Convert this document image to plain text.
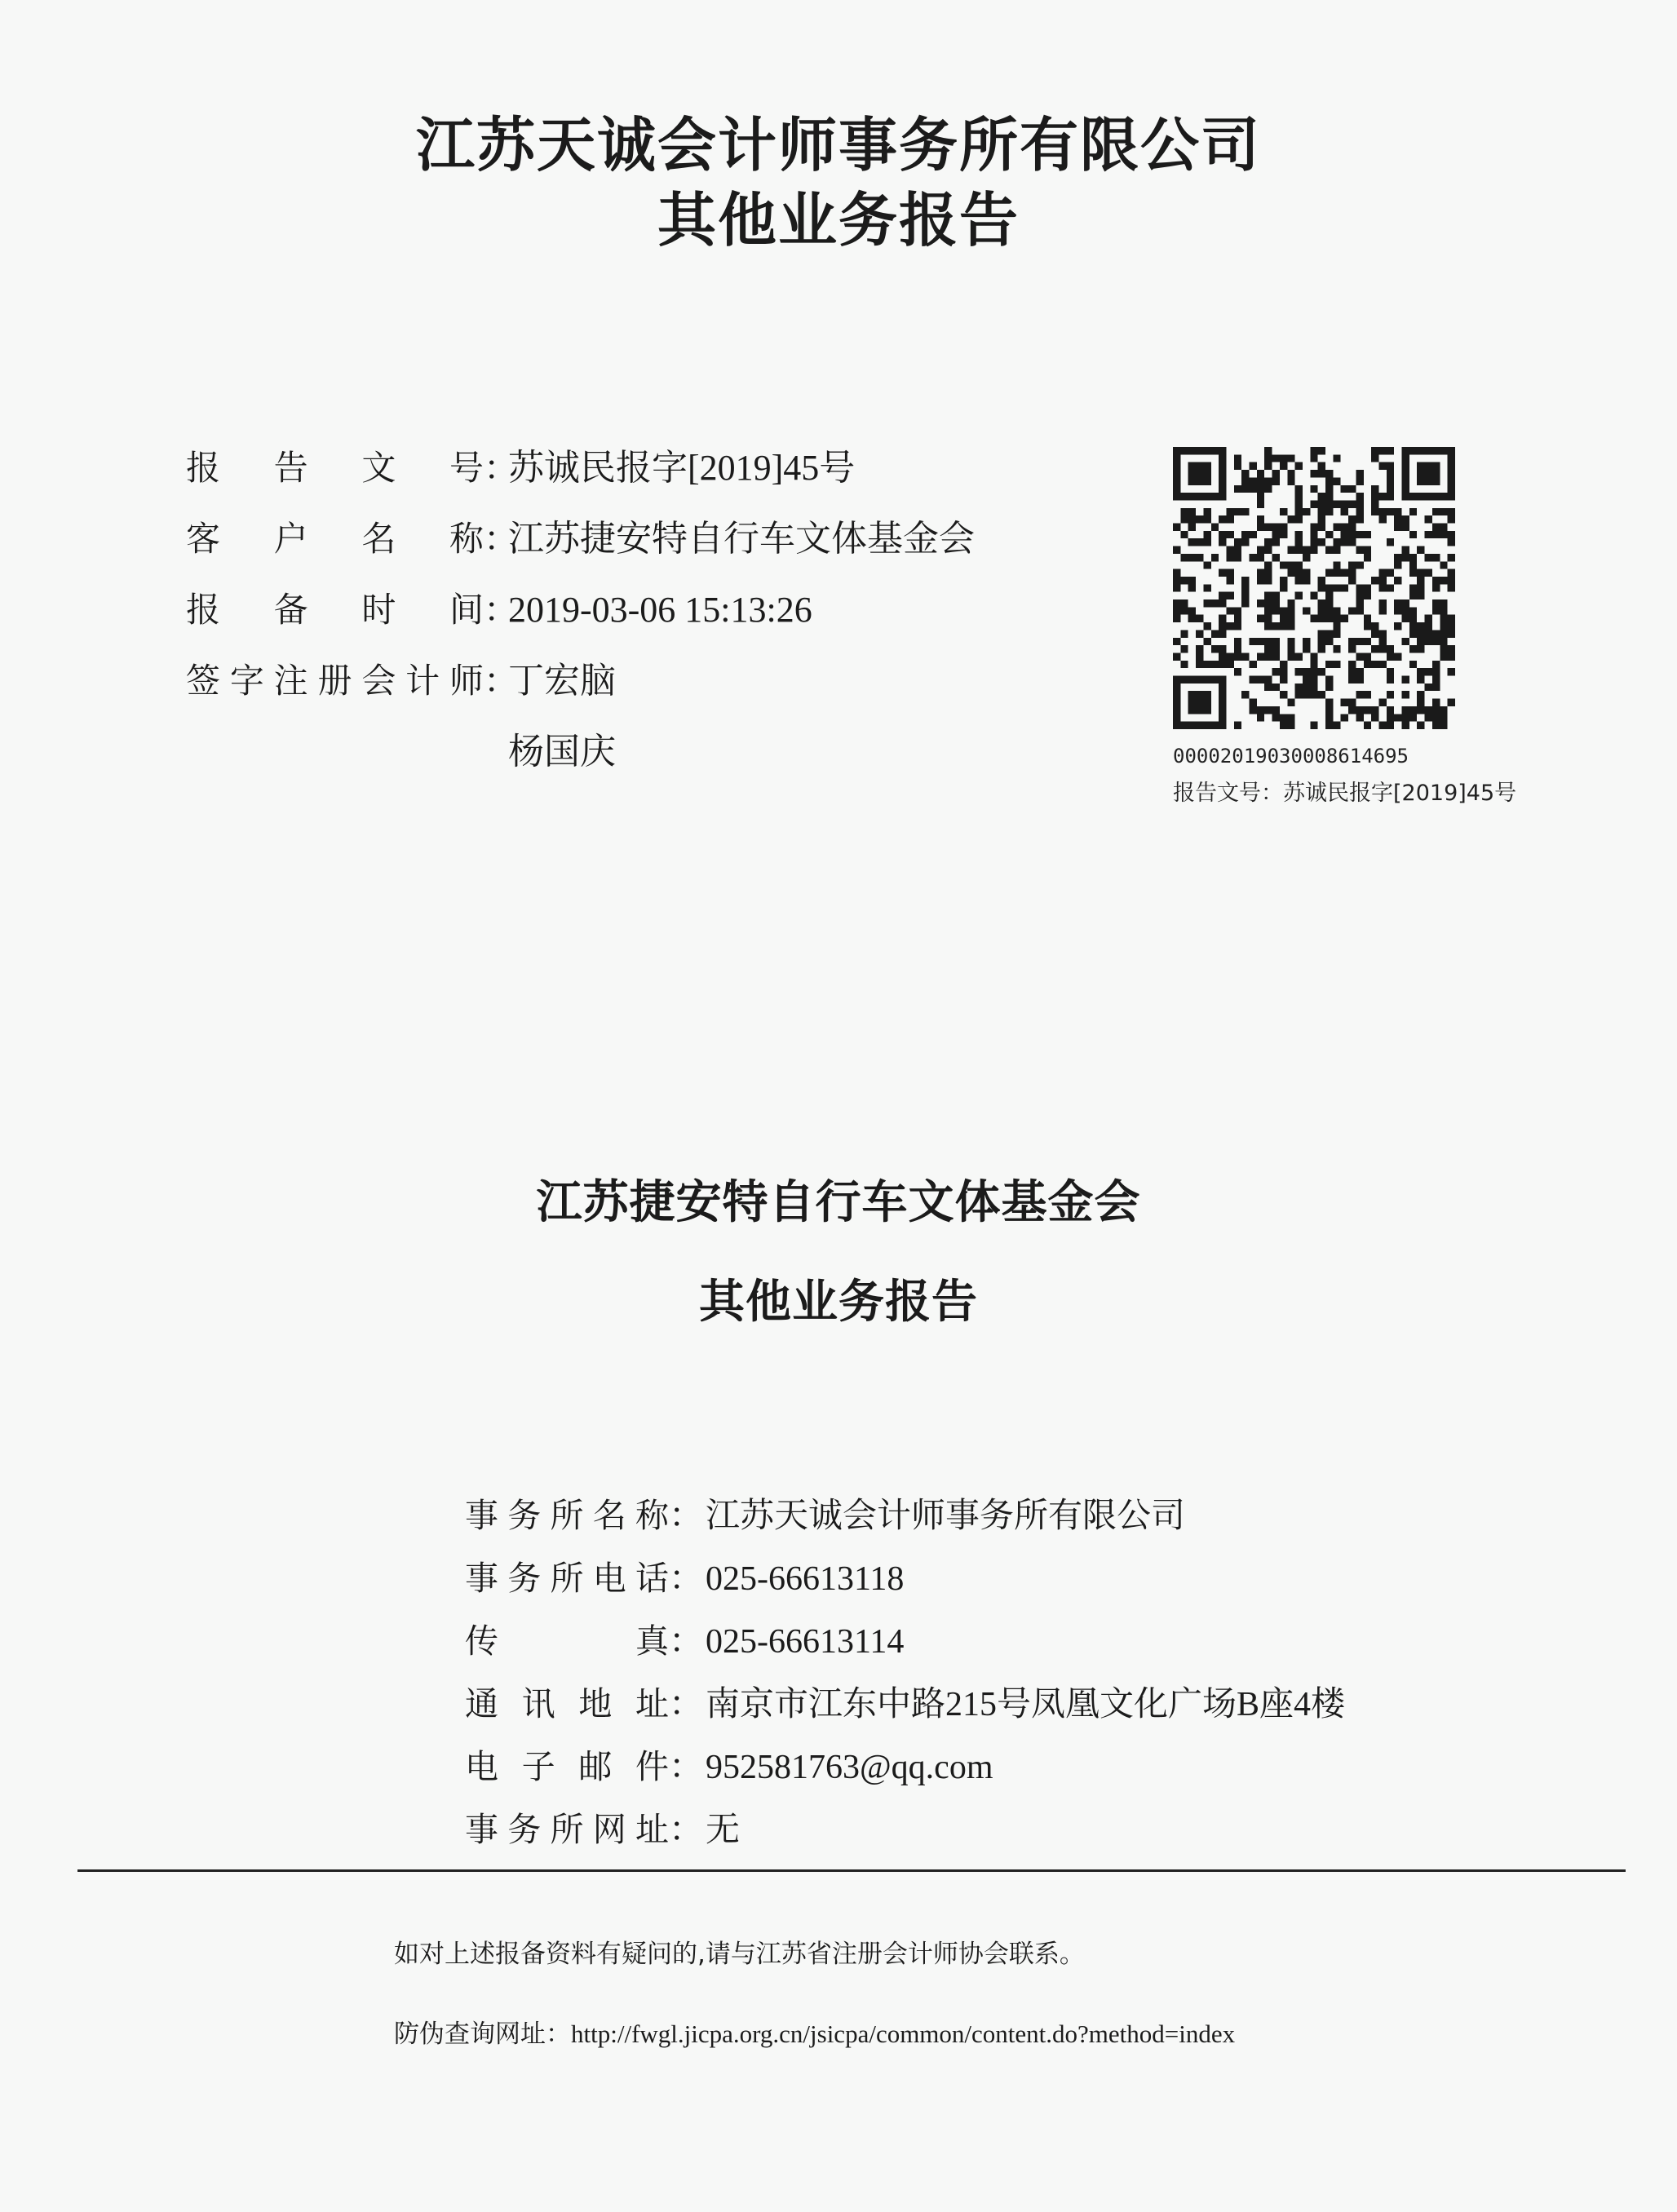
江苏天诚会计师事务所有限公司
其他业务报告
报告文号 ：
苏诚民报字[2019]45号
客户名称 ：
江苏捷安特自行车文体基金会
报备时间 ：
2019-03-06 15:13:26
签字注册会计师 ：
丁宏脑
杨国庆	0000201903000861469​5
报告文号：苏诚民报字[2019]45号
江苏捷安特自行车文体基金会
其他业务报告
事务所名称 ： 江苏天诚会计师事务所有限公司
事务所电话 ： 025-66613118
传真 ： 025-66613114
通讯地址 ： 南京市江东中路215号凤凰文化广场B座4楼
电子邮件 ： 952581763@qq.com
事务所网址 ： 无
如对上述报备资料有疑问的,请与江苏省注册会计师协会联系。
防伪查询网址：http://fwgl.jicpa.org.cn/jsicpa/common/content.do?method=index
